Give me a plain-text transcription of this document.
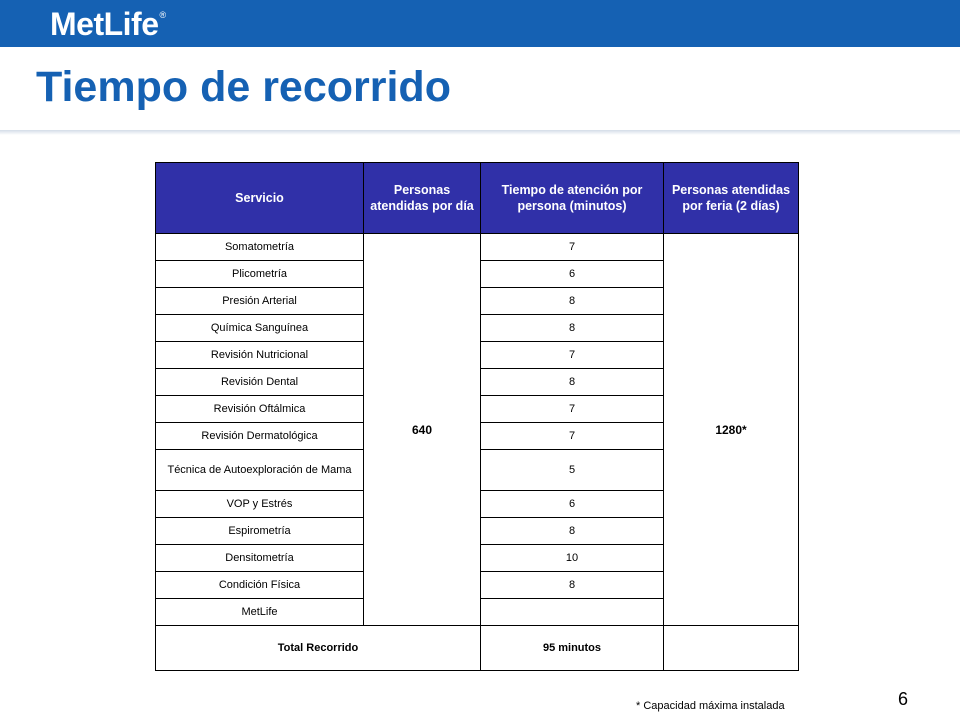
MetLife®
Tiempo de recorrido
Servicio	Personas atendidas por día	Tiempo de atención por persona (minutos)	Personas atendidas por feria (2 días)
Somatometría	640	7	1280*
Plicometría		6	
Presión Arterial		8	
Química Sanguínea		8	
Revisión Nutricional		7	
Revisión Dental		8	
Revisión Oftálmica		7	
Revisión Dermatológica		7	
Técnica de Autoexploración de Mama		5	
VOP y Estrés		6	
Espirometría		8	
Densitometría		10	
Condición Física		8	
MetLife			
Total Recorrido		95 minutos	
* Capacidad máxima instalada	6
